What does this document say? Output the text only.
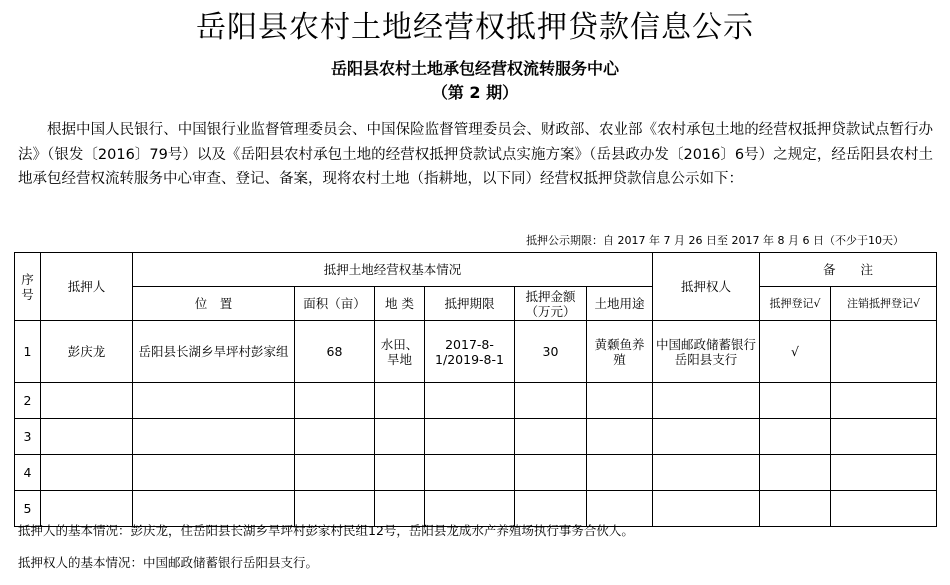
岳阳县农村土地经营权抵押贷款信息公示
岳阳县农村土地承包经营权流转服务中心
（第 2 期）

根据中国人民银行、中国银行业监督管理委员会、中国保险监督管理委员会、财政部、农业部《农村承包土地的经营权抵押贷款试点暂行办法》（银发〔2016〕79号）以及《岳阳县农村承包土地的经营权抵押贷款试点实施方案》（岳县政办发〔2016〕6号）之规定，经岳阳县农村土地承包经营权流转服务中心审查、登记、备案，现将农村土地（指耕地，以下同）经营权抵押贷款信息公示如下：

抵押公示期限：自 2017 年 7 月 26 日至 2017 年 8 月 6 日（不少于10天）
序号	抵押人	抵押土地经营权基本情况						抵押权人	备　　注	
		位　置	面积（亩）	地 类	抵押期限	抵押金额（万元）	土地用途		抵押登记√	注销抵押登记√
1	彭庆龙	岳阳县长湖乡旱坪村彭家组	68	水田、旱地	2017-8-1/2019-8-1	30	黄颡鱼养殖	中国邮政储蓄银行岳阳县支行	√	
2										
3										
4										
5										
抵押人的基本情况：彭庆龙，住岳阳县长湖乡旱坪村彭家村民组12号，岳阳县龙成水产养殖场执行事务合伙人。
抵押权人的基本情况：中国邮政储蓄银行岳阳县支行。
